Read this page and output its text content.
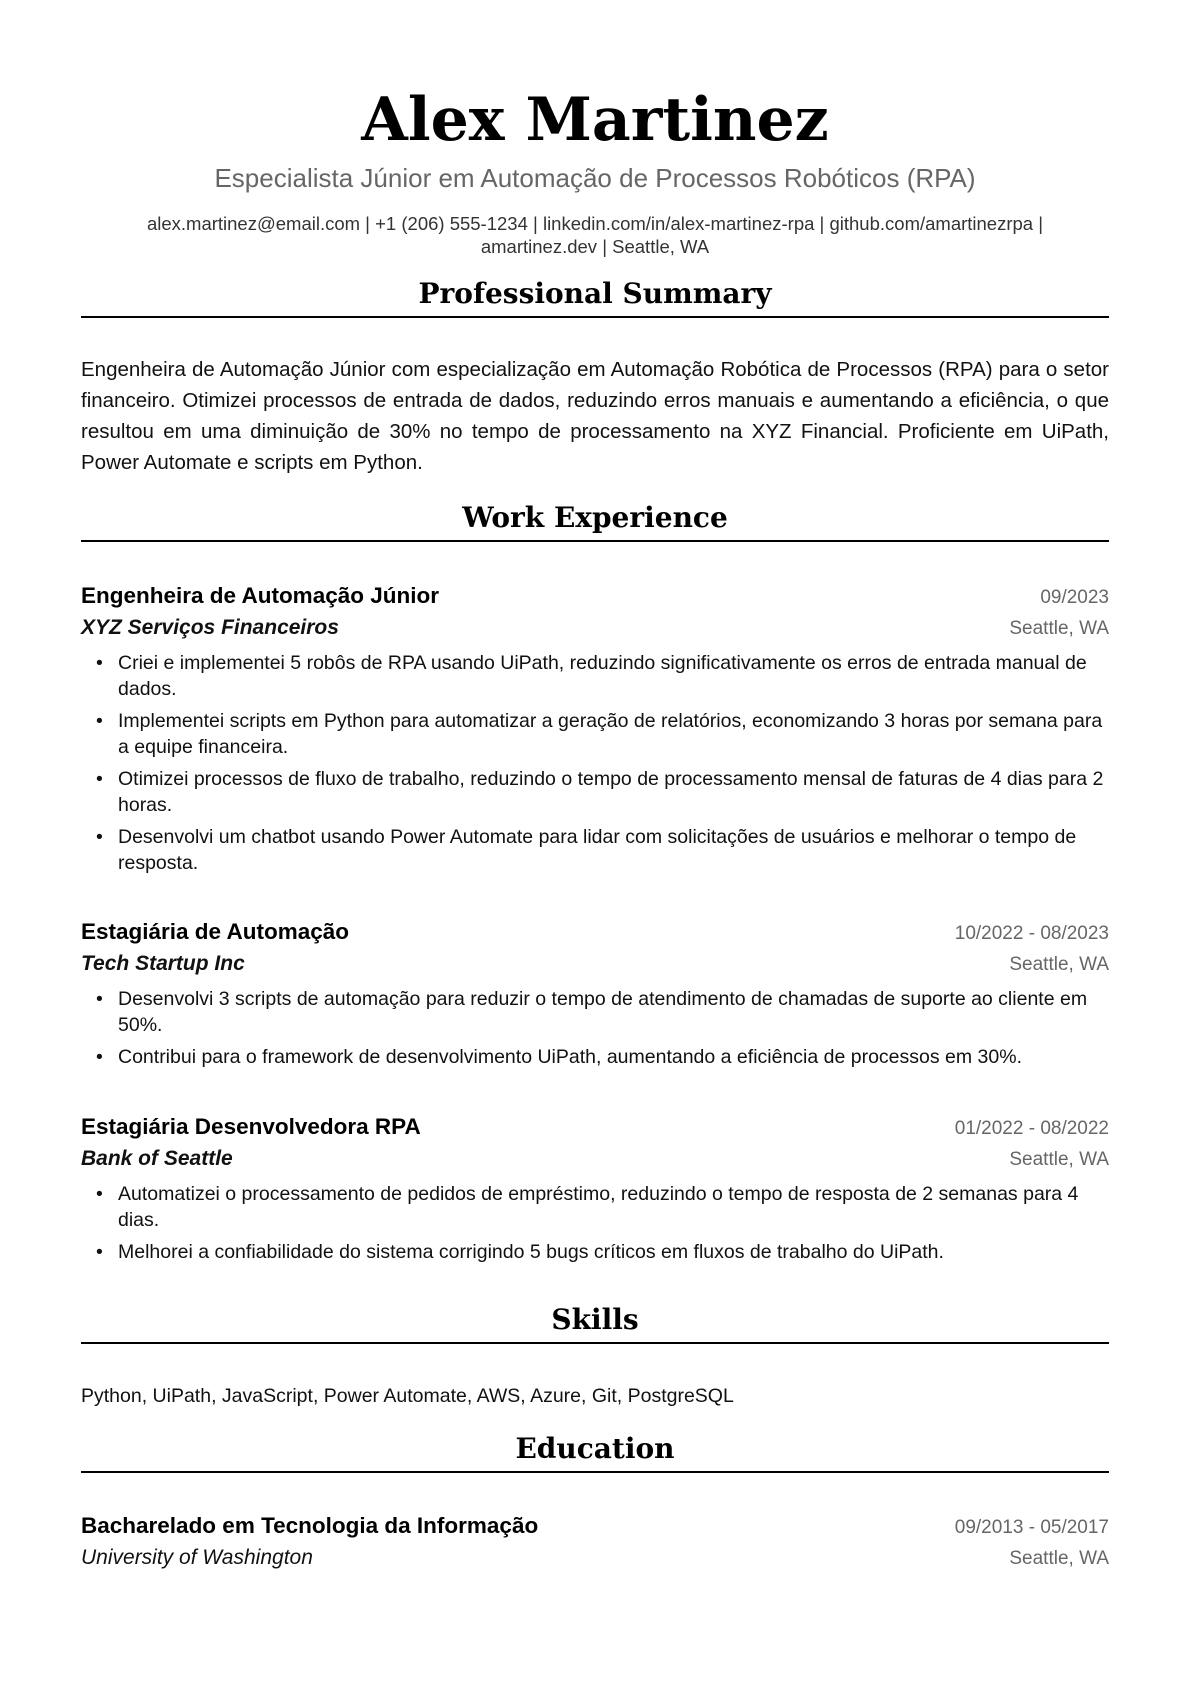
Alex Martinez
Especialista Júnior em Automação de Processos Robóticos (RPA)
alex.martinez@email.com | +1 (206) 555-1234 | linkedin.com/in/alex-martinez-rpa | github.com/amartinezrpa |
amartinez.dev | Seattle, WA
Professional Summary
Engenheira de Automação Júnior com especialização em Automação Robótica de Processos (RPA) para o setor financeiro. Otimizei processos de entrada de dados, reduzindo erros manuais e aumentando a eficiência, o que resultou em uma diminuição de 30% no tempo de processamento na XYZ Financial. Proficiente em UiPath, Power Automate e scripts em Python.
Work Experience
Engenheira de Automação Júnior	09/2023
XYZ Serviços Financeiros	Seattle, WA
• Criei e implementei 5 robôs de RPA usando UiPath, reduzindo significativamente os erros de entrada manual de dados.
• Implementei scripts em Python para automatizar a geração de relatórios, economizando 3 horas por semana para a equipe financeira.
• Otimizei processos de fluxo de trabalho, reduzindo o tempo de processamento mensal de faturas de 4 dias para 2 horas.
• Desenvolvi um chatbot usando Power Automate para lidar com solicitações de usuários e melhorar o tempo de resposta.
Estagiária de Automação	10/2022 - 08/2023
Tech Startup Inc	Seattle, WA
• Desenvolvi 3 scripts de automação para reduzir o tempo de atendimento de chamadas de suporte ao cliente em 50%.
• Contribui para o framework de desenvolvimento UiPath, aumentando a eficiência de processos em 30%.
Estagiária Desenvolvedora RPA	01/2022 - 08/2022
Bank of Seattle	Seattle, WA
• Automatizei o processamento de pedidos de empréstimo, reduzindo o tempo de resposta de 2 semanas para 4 dias.
• Melhorei a confiabilidade do sistema corrigindo 5 bugs críticos em fluxos de trabalho do UiPath.
Skills
Python, UiPath, JavaScript, Power Automate, AWS, Azure, Git, PostgreSQL
Education
Bacharelado em Tecnologia da Informação	09/2013 - 05/2017
University of Washington	Seattle, WA
